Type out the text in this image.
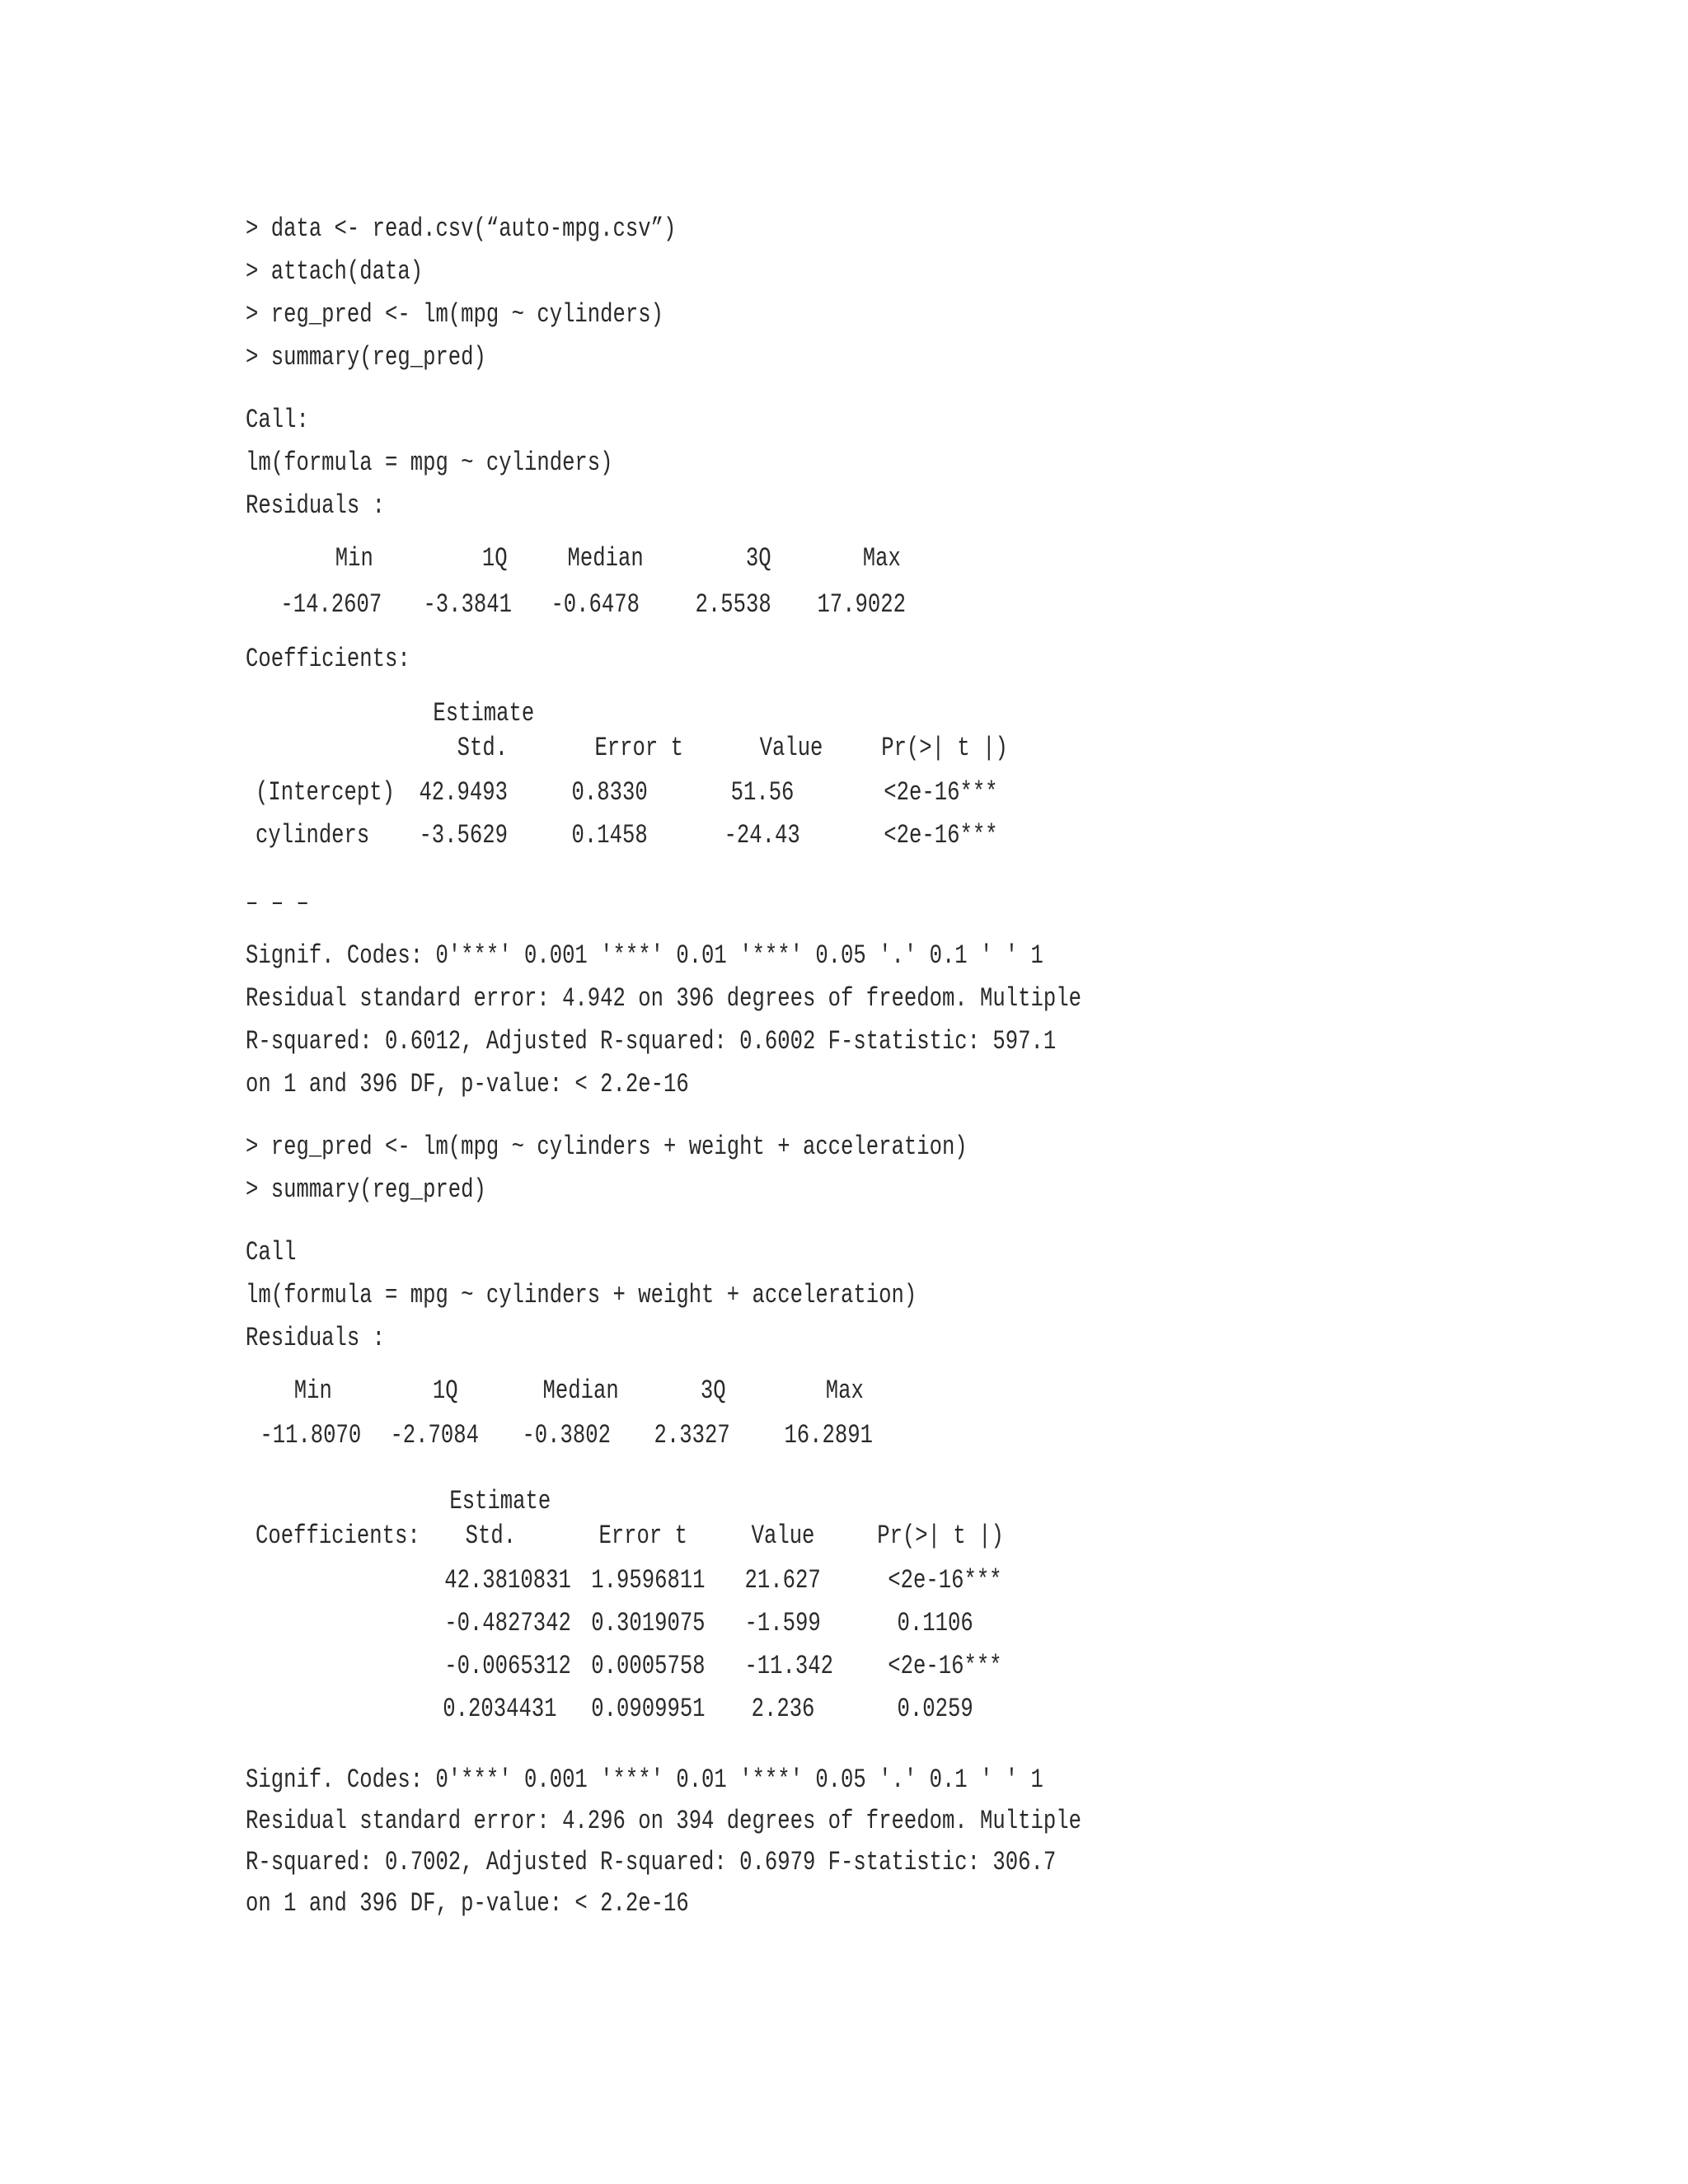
> data <- read.csv(“auto-mpg.csv”)

> attach(data)

> reg_pred <- lm(mpg ~ cylinders)

> summary(reg_pred)

Call:

lm(formula = mpg ~ cylinders)

Residuals :

Min	1Q	Median	3Q	Max

-14.2607	-3.3841	-0.6478	2.5538	17.9022

Coefficients:

Estimate

Std.	Error t	Value	Pr(>| t |)

(Intercept) 42.9493	0.8330	51.56	<2e-16***

cylinders	-3.5629	0.1458	-24.43	<2e-16***

– – –

Signif. Codes: 0'***' 0.001 '***' 0.01 '***' 0.05 '.' 0.1 ' ' 1

Residual standard error: 4.942 on 396 degrees of freedom. Multiple

R-squared: 0.6012, Adjusted R-squared: 0.6002 F-statistic: 597.1

on 1 and 396 DF, p-value: < 2.2e-16

> reg_pred <- lm(mpg ~ cylinders + weight + acceleration)

> summary(reg_pred)

Call

lm(formula = mpg ~ cylinders + weight + acceleration)

Residuals :

Min	1Q	Median	3Q	Max

-11.8070	-2.7084	-0.3802	2.3327	16.2891

Estimate

Coefficients:	Std.	Error t	Value	Pr(>| t |)

42.3810831 1.9596811	21.627	<2e-16***

-0.4827342 0.3019075	-1.599	0.1106

-0.0065312 0.0005758	-11.342	<2e-16***

0.2034431	0.0909951	2.236	0.0259

Signif. Codes: 0'***' 0.001 '***' 0.01 '***' 0.05 '.' 0.1 ' ' 1

Residual standard error: 4.296 on 394 degrees of freedom. Multiple

R-squared: 0.7002, Adjusted R-squared: 0.6979 F-statistic: 306.7

on 1 and 396 DF, p-value: < 2.2e-16
